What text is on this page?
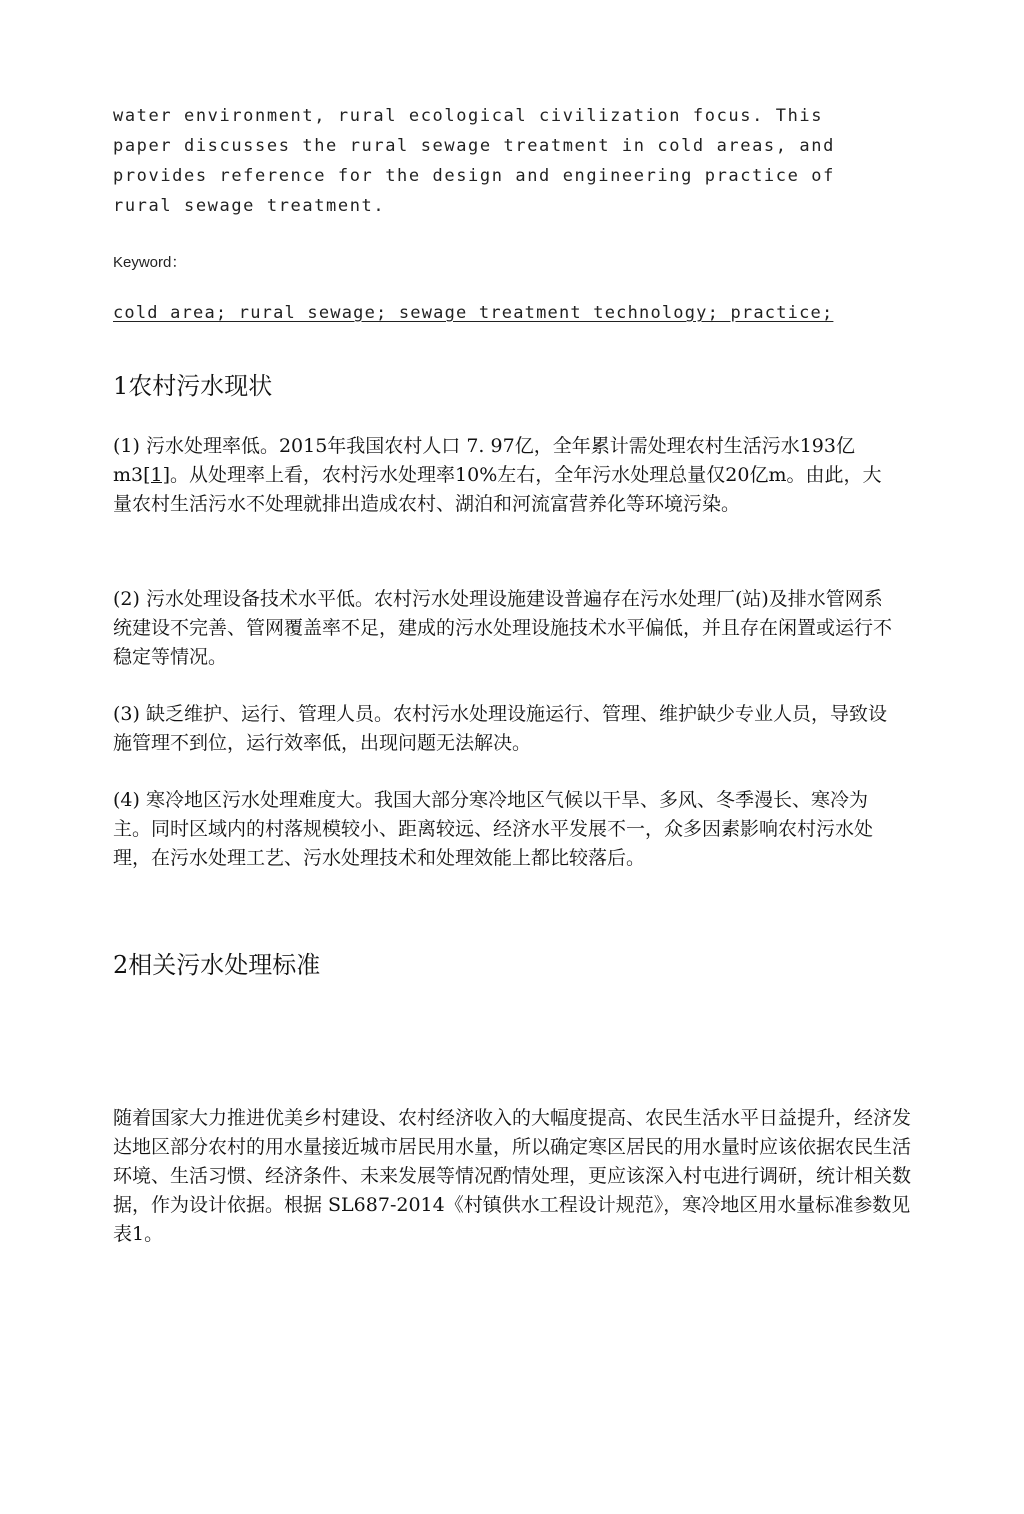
water environment, rural ecological civilization focus. This paper discusses the rural sewage treatment in cold areas, and provides reference for the design and engineering practice of rural sewage treatment.
Keyword：
cold area; rural sewage; sewage treatment technology; practice;
1农村污水现状
(1) 污水处理率低。2015年我国农村人口 7. 97亿，全年累计需处理农村生活污水193亿m3[1]。从处理率上看，农村污水处理率10%左右，全年污水处理总量仅20亿m。由此，大量农村生活污水不处理就排出造成农村、湖泊和河流富营养化等环境污染。
(2) 污水处理设备技术水平低。农村污水处理设施建设普遍存在污水处理厂(站)及排水管网系统建设不完善、管网覆盖率不足，建成的污水处理设施技术水平偏低，并且存在闲置或运行不稳定等情况。
(3) 缺乏维护、运行、管理人员。农村污水处理设施运行、管理、维护缺少专业人员，导致设施管理不到位，运行效率低，出现问题无法解决。
(4) 寒冷地区污水处理难度大。我国大部分寒冷地区气候以干旱、多风、冬季漫长、寒冷为主。同时区域内的村落规模较小、距离较远、经济水平发展不一，众多因素影响农村污水处理，在污水处理工艺、污水处理技术和处理效能上都比较落后。
2相关污水处理标准
随着国家大力推进优美乡村建设、农村经济收入的大幅度提高、农民生活水平日益提升，经济发达地区部分农村的用水量接近城市居民用水量，所以确定寒区居民的用水量时应该依据农民生活环境、生活习惯、经济条件、未来发展等情况酌情处理，更应该深入村屯进行调研，统计相关数据，作为设计依据。根据 SL687-2014《村镇供水工程设计规范》，寒冷地区用水量标准参数见表1。
